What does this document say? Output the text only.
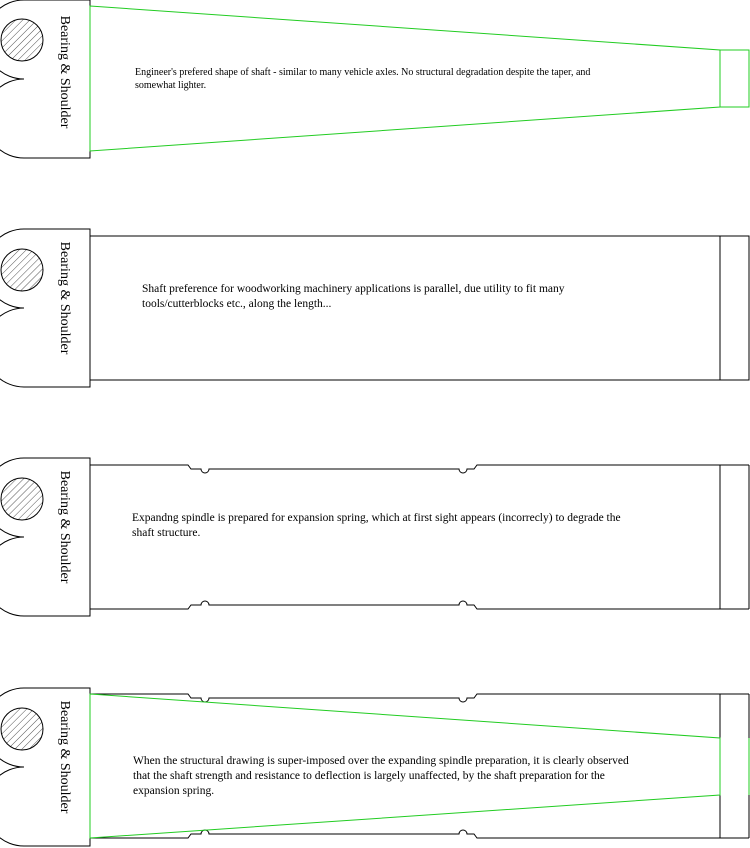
Bearing & Shoulder	Engineer's prefered shape of shaft - similar to many vehicle axles. No structural degradation despite the taper, and
somewhat lighter.
Bearing & Shoulder	Shaft preference for woodworking machinery applications is parallel, due utility to fit many
tools/cutterblocks etc., along the length...
Bearing & Shoulder	Expandng spindle is prepared for expansion spring, which at first sight appears (incorrecly) to degrade the
shaft structure.
Bearing & Shoulder	When the structural drawing is super-imposed over the expanding spindle preparation, it is clearly observed
that the shaft strength and resistance to deflection is largely unaffected, by the shaft preparation for the
expansion spring.
